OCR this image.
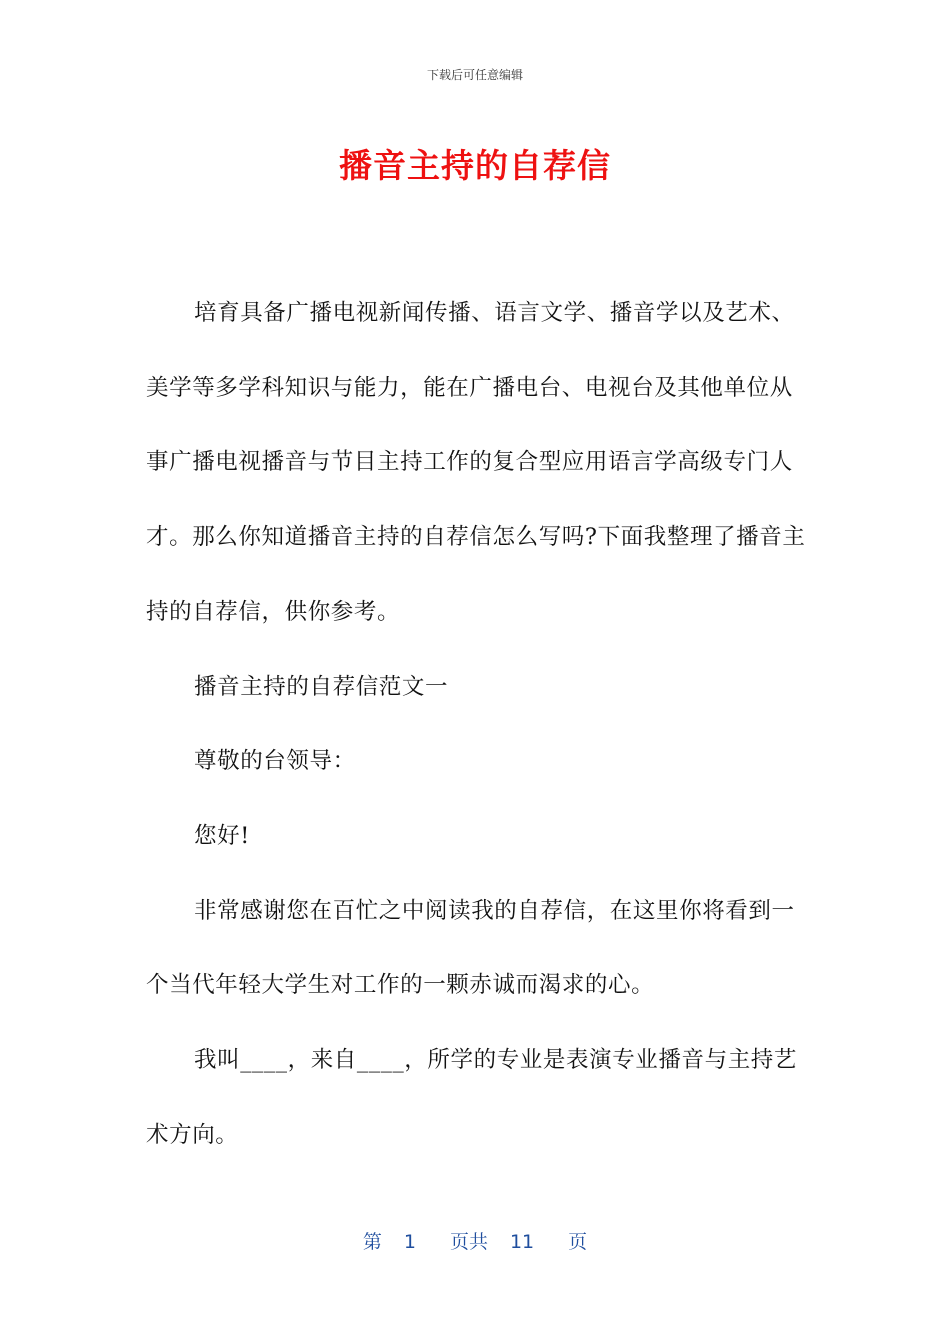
下载后可任意编辑
播音主持的自荐信

培育具备广播电视新闻传播、语言文学、播音学以及艺术、美学等多学科知识与能力，能在广播电台、电视台及其他单位从事广播电视播音与节目主持工作的复合型应用语言学高级专门人才。那么你知道播音主持的自荐信怎么写吗?下面我整理了播音主持的自荐信，供你参考。

播音主持的自荐信范文一

尊敬的台领导：

您好!

非常感谢您在百忙之中阅读我的自荐信，在这里你将看到一个当代年轻大学生对工作的一颗赤诚而渴求的心。

我叫____，来自____，所学的专业是表演专业播音与主持艺术方向。

第 1 页共 11 页
